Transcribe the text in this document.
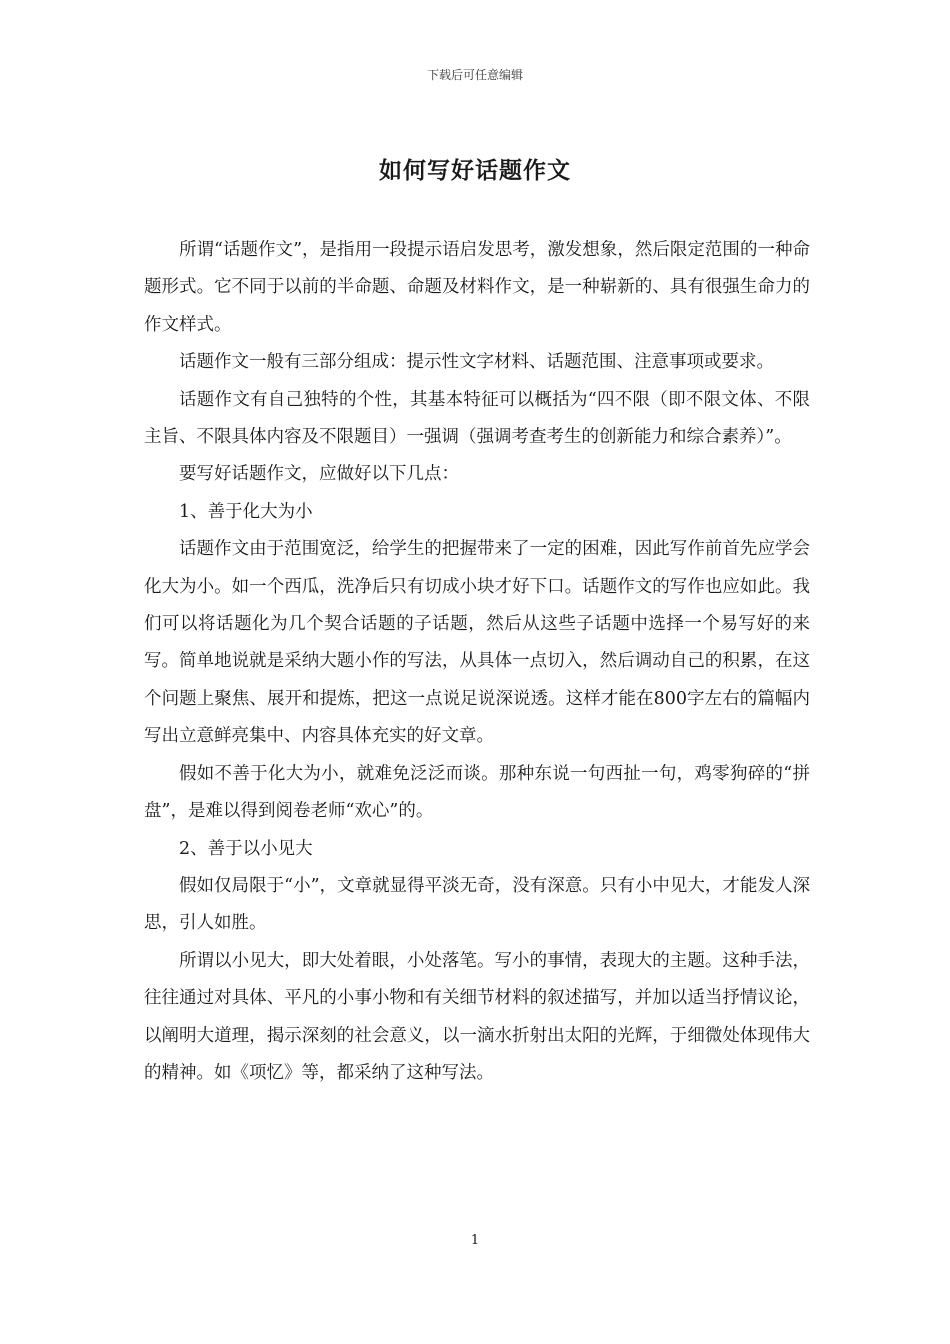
下载后可任意编辑
如何写好话题作文

所谓“话题作文”，是指用一段提示语启发思考，激发想象，然后限定范围的一种命题形式。它不同于以前的半命题、命题及材料作文，是一种崭新的、具有很强生命力的作文样式。

话题作文一般有三部分组成：提示性文字材料、话题范围、注意事项或要求。

话题作文有自己独特的个性，其基本特征可以概括为“四不限（即不限文体、不限主旨、不限具体内容及不限题目）一强调（强调考查考生的创新能力和综合素养）”。

要写好话题作文，应做好以下几点：

1、善于化大为小

话题作文由于范围宽泛，给学生的把握带来了一定的困难，因此写作前首先应学会化大为小。如一个西瓜，洗净后只有切成小块才好下口。话题作文的写作也应如此。我们可以将话题化为几个契合话题的子话题，然后从这些子话题中选择一个易写好的来写。简单地说就是采纳大题小作的写法，从具体一点切入，然后调动自己的积累，在这个问题上聚焦、展开和提炼，把这一点说足说深说透。这样才能在800字左右的篇幅内写出立意鲜亮集中、内容具体充实的好文章。

假如不善于化大为小，就难免泛泛而谈。那种东说一句西扯一句，鸡零狗碎的“拼盘”，是难以得到阅卷老师“欢心”的。

2、善于以小见大

假如仅局限于“小”，文章就显得平淡无奇，没有深意。只有小中见大，才能发人深思，引人如胜。

所谓以小见大，即大处着眼，小处落笔。写小的事情，表现大的主题。这种手法，往往通过对具体、平凡的小事小物和有关细节材料的叙述描写，并加以适当抒情议论，以阐明大道理，揭示深刻的社会意义，以一滴水折射出太阳的光辉，于细微处体现伟大的精神。如《项忆》等，都采纳了这种写法。

1
